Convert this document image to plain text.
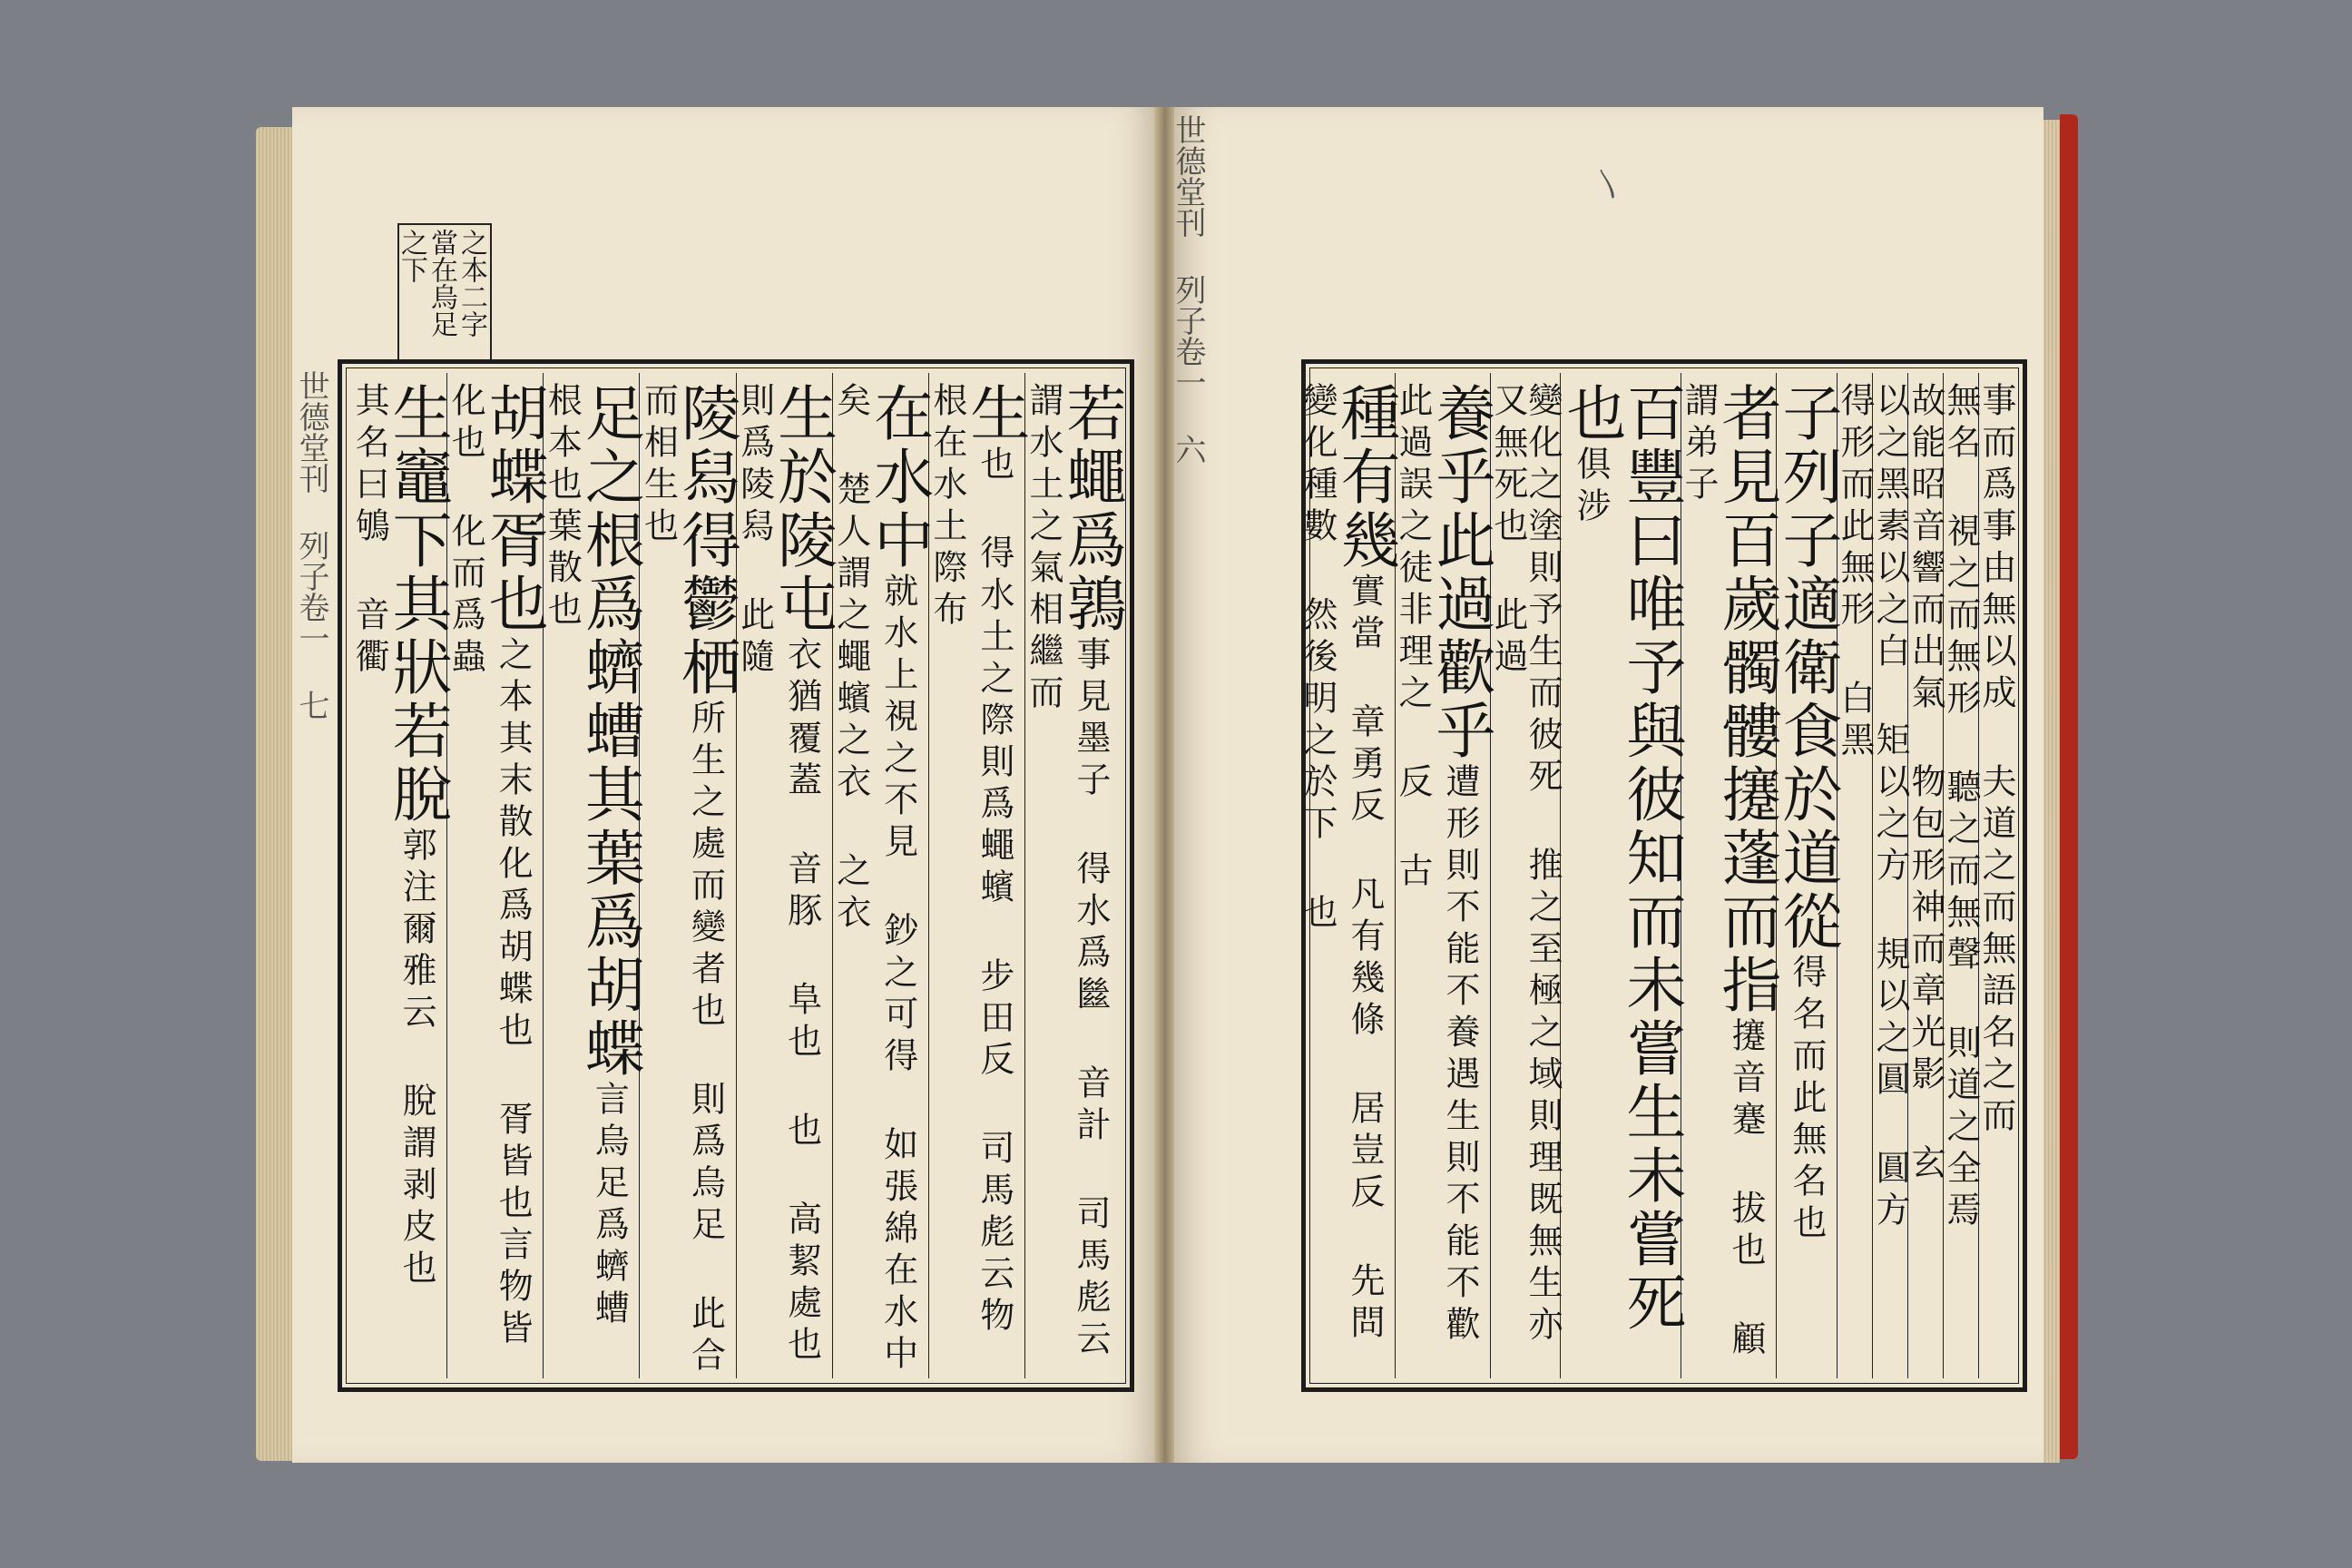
世德堂刊 列子卷一 七
之本二字當在烏足之下
若蠅爲鶉事見墨子 得水爲㡭 音計 司馬彪云謂水土之氣相繼而
生也 得水土之際則爲蠅蠙 步田反 司馬彪云物根在水土際布
在水中就水上視之不見 鈔之可得 如張綿在水中矣 楚人謂之蠅蠙之衣 之衣
生於陵屯衣猶覆蓋 音豚 阜也 也 高絜處也 則爲陵舄 此隨
陵舄得鬱栖所生之處而變者也 則爲烏足 此合而相生也
足之根爲蠐螬其葉爲胡蝶言烏足爲蠐螬 根本也葉散也
胡蝶胥也之本其末散化爲胡蝶也 胥皆也言物皆化也 化而爲蟲
生竈下其狀若脫郭注爾雅云 脫謂剥皮也 其名曰鴝 音衢
世德堂刊 列子卷一 六	〵
事而爲事由無以成 夫道之而無語名之而
無名 視之而無形 聽之而無聲 則道之全焉
故能昭音響而出氣 物包形神而章光影 玄
以之黑素以之白 矩以之方 規以之圓 圓方
得形而此無形 白黑
子列子適衛食於道從得名而此無名也
者見百歲髑髏攓蓬而指攓音蹇 拔也 顧謂弟子
百豐曰唯予與彼知而未嘗生未嘗死也俱涉
變化之塗則予生而彼死 推之至極之域則理既無生亦又無死也 此過
養乎此過歡乎遭形則不能不養遇生則不能不歡 此過誤之徒非理之 反 古
種有幾實當 章勇反 凡有幾條 居豈反 先問變化種數 然後明之於下 也
